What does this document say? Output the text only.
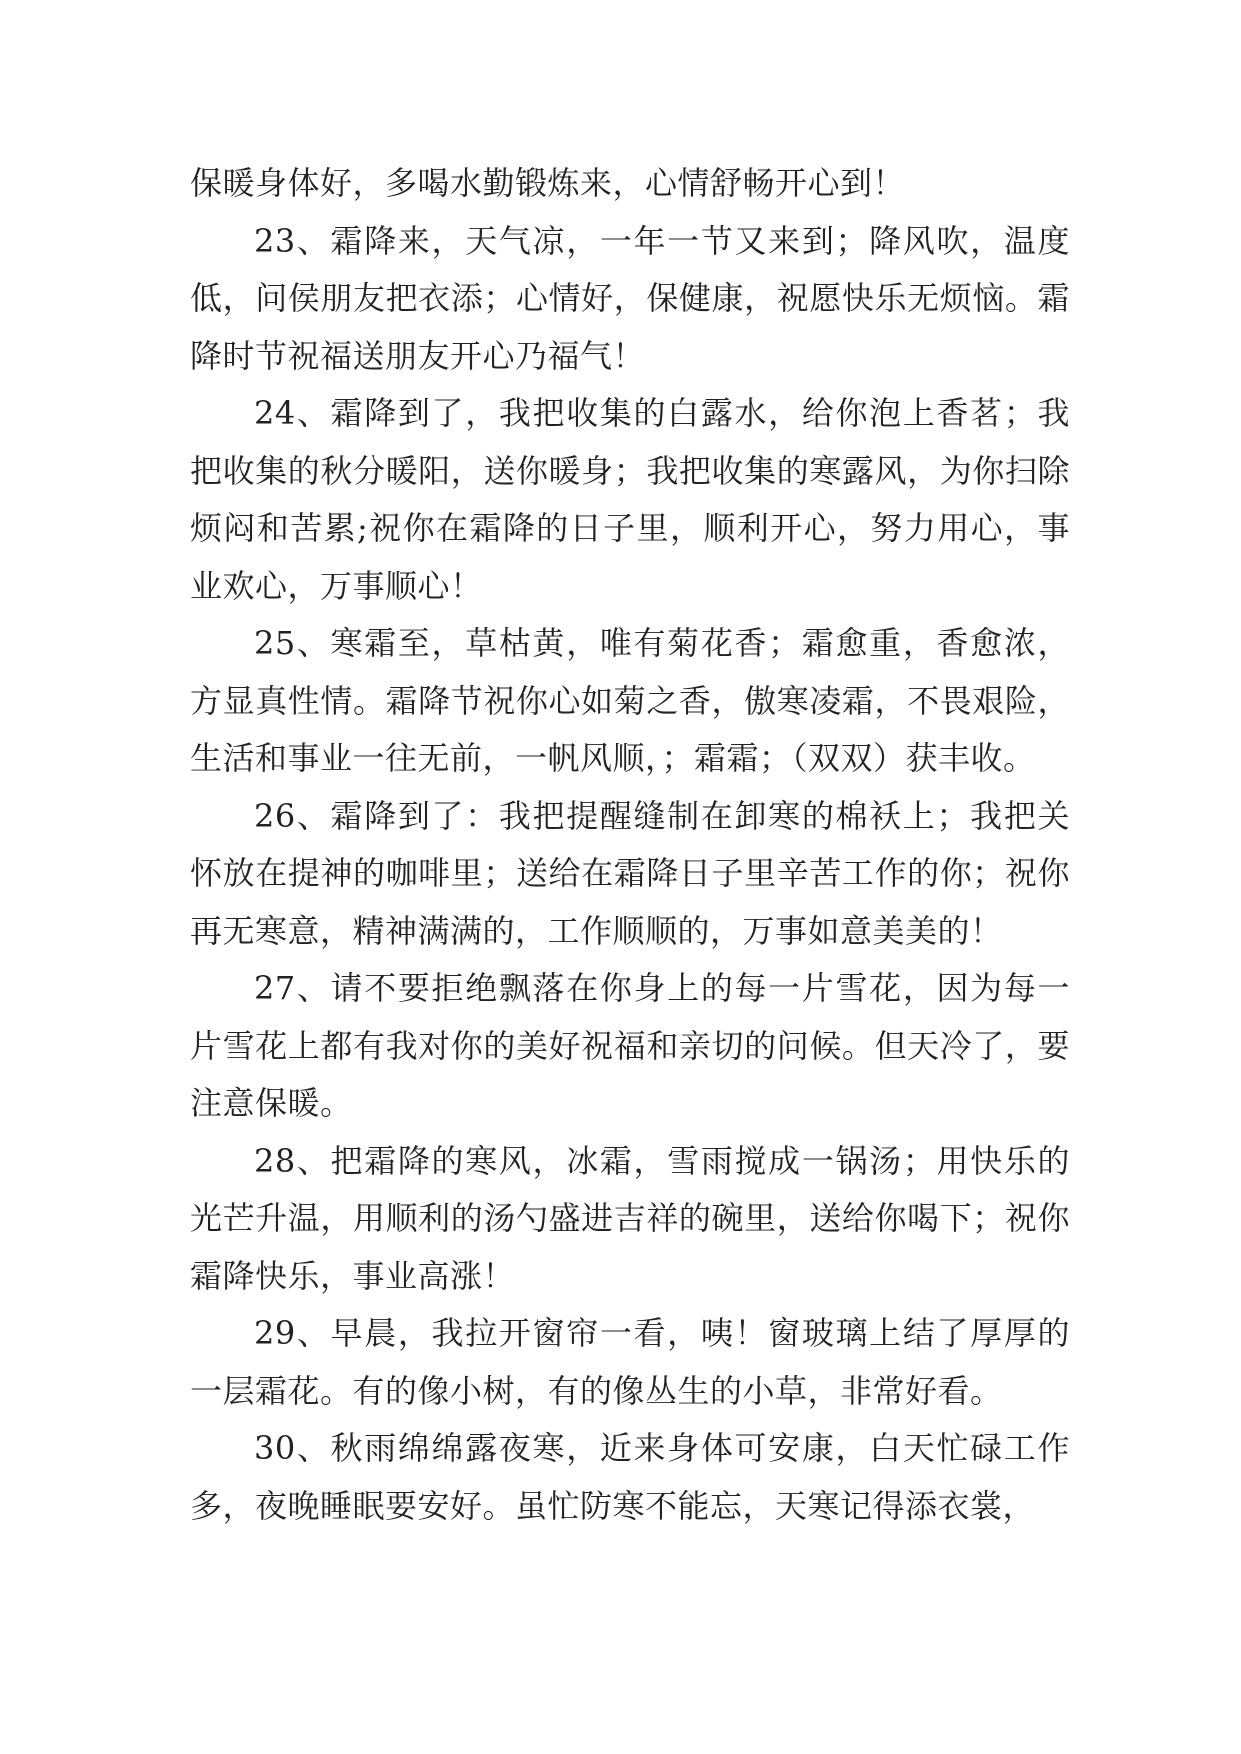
保暖身体好，多喝水勤锻炼来，心情舒畅开心到！

23、霜降来，天气凉，一年一节又来到；降风吹，温度低，问侯朋友把衣添；心情好，保健康，祝愿快乐无烦恼。霜降时节祝福送朋友开心乃福气！

24、霜降到了，我把收集的白露水，给你泡上香茗；我把收集的秋分暖阳，送你暖身；我把收集的寒露风，为你扫除烦闷和苦累;祝你在霜降的日子里，顺利开心，努力用心，事业欢心，万事顺心！

25、寒霜至，草枯黄，唯有菊花香；霜愈重，香愈浓，方显真性情。霜降节祝你心如菊之香，傲寒凌霜，不畏艰险，生活和事业一往无前，一帆风顺，；霜霜；（双双）获丰收。

26、霜降到了：我把提醒缝制在卸寒的棉袄上；我把关怀放在提神的咖啡里；送给在霜降日子里辛苦工作的你；祝你再无寒意，精神满满的，工作顺顺的，万事如意美美的！

27、请不要拒绝飘落在你身上的每一片雪花，因为每一片雪花上都有我对你的美好祝福和亲切的问候。但天冷了，要注意保暖。

28、把霜降的寒风，冰霜，雪雨搅成一锅汤；用快乐的光芒升温，用顺利的汤勺盛进吉祥的碗里，送给你喝下；祝你霜降快乐，事业高涨！

29、早晨，我拉开窗帘一看，咦！窗玻璃上结了厚厚的一层霜花。有的像小树，有的像丛生的小草，非常好看。

30、秋雨绵绵露夜寒，近来身体可安康，白天忙碌工作多，夜晚睡眠要安好。虽忙防寒不能忘，天寒记得添衣裳，
